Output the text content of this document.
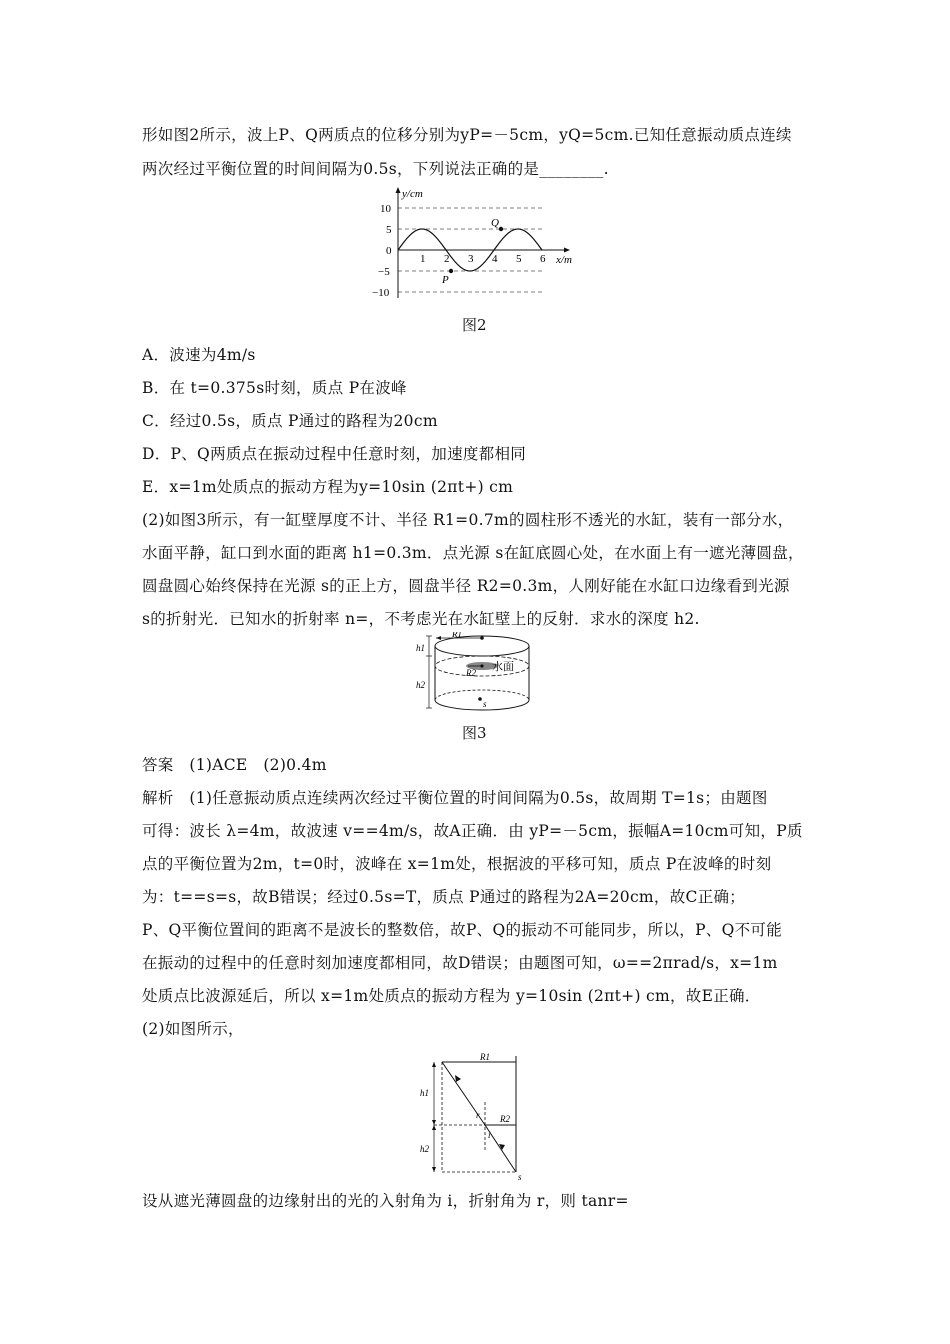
形如图2所示，波上P、Q两质点的位移分别为yP=－5cm，yQ=5cm.已知任意振动质点连续
两次经过平衡位置的时间间隔为0.5s，下列说法正确的是________.
y/cm
x/m
10
5
0
−5
−10
1 2 3 4 5 6
P
Q
图2
A．波速为4m/s
B．在 t=0.375s时刻，质点 P在波峰
C．经过0.5s，质点 P通过的路程为20cm
D．P、Q两质点在振动过程中任意时刻，加速度都相同
E．x=1m处质点的振动方程为y=10sin (2πt+) cm
(2)如图3所示，有一缸壁厚度不计、半径 R1=0.7m的圆柱形不透光的水缸，装有一部分水，
水面平静，缸口到水面的距离 h1=0.3m．点光源 s在缸底圆心处，在水面上有一遮光薄圆盘，
圆盘圆心始终保持在光源 s的正上方，圆盘半径 R2=0.3m，人刚好能在水缸口边缘看到光源
s的折射光．已知水的折射率 n=，不考虑光在水缸壁上的反射．求水的深度 h2.
R1
R2
h1
h2
水面
s
图3
答案　(1)ACE　(2)0.4m
解析　(1)任意振动质点连续两次经过平衡位置的时间间隔为0.5s，故周期 T=1s；由题图
可得：波长 λ=4m，故波速 v==4m/s，故A正确．由 yP=－5cm，振幅A=10cm可知，P质
点的平衡位置为2m，t=0时，波峰在 x=1m处，根据波的平移可知，质点 P在波峰的时刻
为：t==s=s，故B错误；经过0.5s=T，质点 P通过的路程为2A=20cm，故C正确；
P、Q平衡位置间的距离不是波长的整数倍，故P、Q的振动不可能同步，所以，P、Q不可能
在振动的过程中的任意时刻加速度都相同，故D错误；由题图可知，ω==2πrad/s，x=1m
处质点比波源延后，所以 x=1m处质点的振动方程为 y=10sin (2πt+) cm，故E正确．
(2)如图所示，
R1
R2
h1
h2
r
i
s
设从遮光薄圆盘的边缘射出的光的入射角为 i，折射角为 r，则 tanr=
